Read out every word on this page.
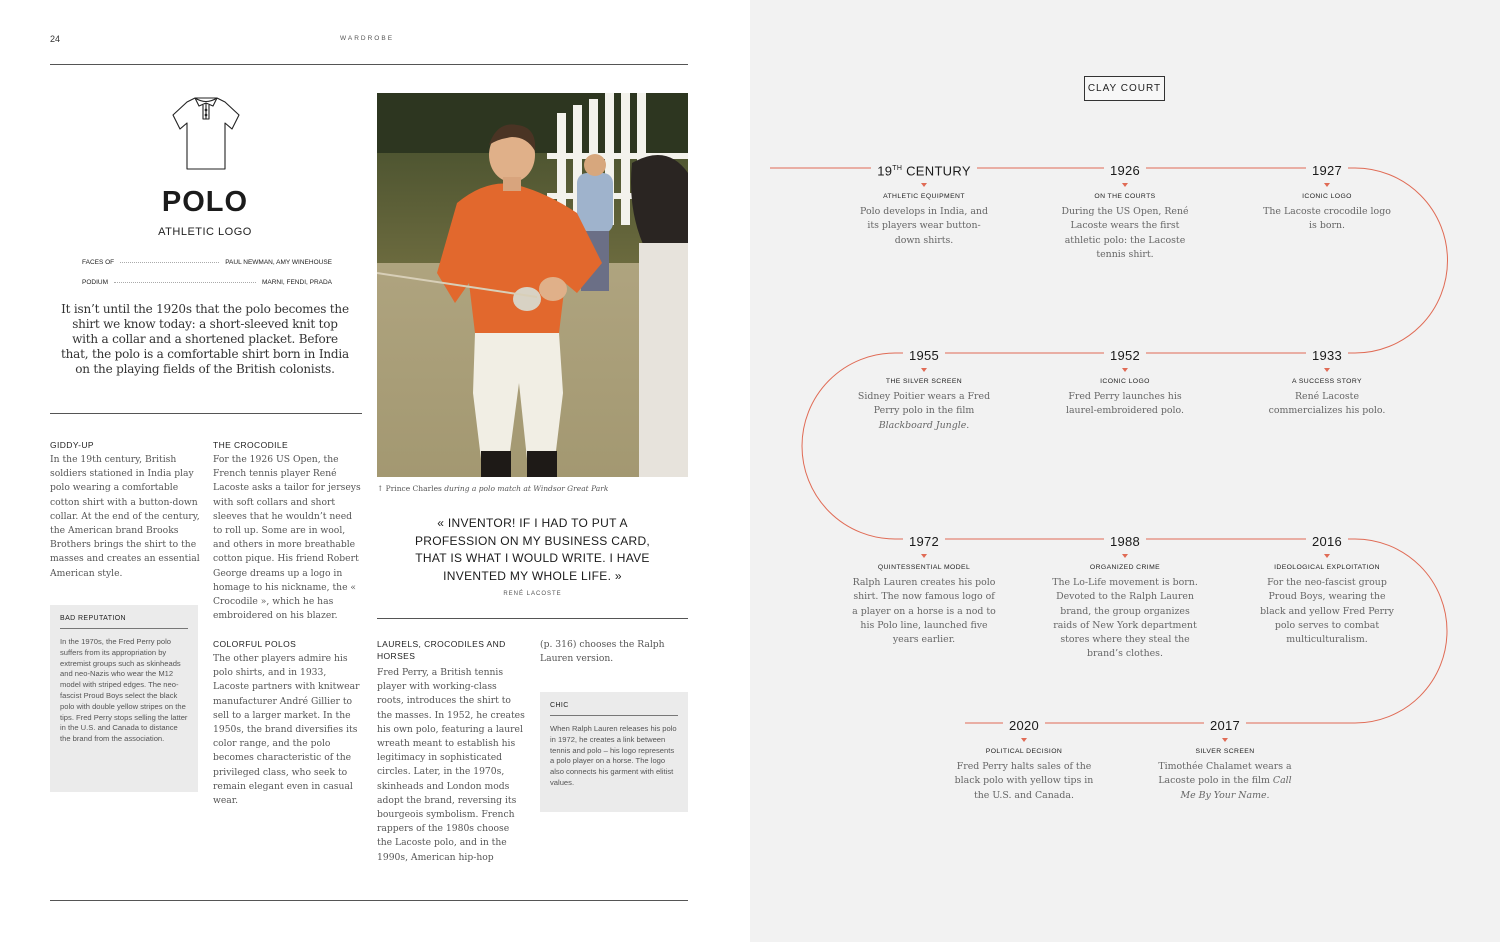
24	WARDROBE
POLO
ATHLETIC LOGO
FACES OF	PAUL NEWMAN, AMY WINEHOUSE
PODIUM	MARNI, FENDI, PRADA
It isn’t until the 1920s that the polo becomes the shirt we know today: a short-sleeved knit top with a collar and a shortened placket. Before that, the polo is a comfortable shirt born in India on the playing fields of the British colonists.
GIDDY-UP
In the 19th century, British soldiers stationed in India play polo wearing a comfortable cotton shirt with a button-down collar. At the end of the century, the American brand Brooks Brothers brings the shirt to the masses and creates an essential American style.
BAD REPUTATION
In the 1970s, the Fred Perry polo suffers from its appropriation by extremist groups such as skinheads and neo-Nazis who wear the M12 model with striped edges. The neo-fascist Proud Boys select the black polo with double yellow stripes on the tips. Fred Perry stops selling the latter in the U.S. and Canada to distance the brand from the association.
THE CROCODILE
For the 1926 US Open, the French tennis player René Lacoste asks a tailor for jerseys with soft collars and short sleeves that he wouldn’t need to roll up. Some are in wool, and others in more breathable cotton pique. His friend Robert George dreams up a logo in homage to his nickname, the « Crocodile », which he has embroidered on his blazer.
COLORFUL POLOS
The other players admire his polo shirts, and in 1933, Lacoste partners with knitwear manufacturer André Gillier to sell to a larger market. In the 1950s, the brand diversifies its color range, and the polo becomes characteristic of the privileged class, who seek to remain elegant even in casual wear.
↑ Prince Charles during a polo match at Windsor Great Park
« INVENTOR! IF I HAD TO PUT A PROFESSION ON MY BUSINESS CARD, THAT IS WHAT I WOULD WRITE. I HAVE INVENTED MY WHOLE LIFE. »
RENÉ LACOSTE
LAURELS, CROCODILES AND HORSES
Fred Perry, a British tennis player with working-class roots, introduces the shirt to the masses. In 1952, he creates his own polo, featuring a laurel wreath meant to establish his legitimacy in sophisticated circles. Later, in the 1970s, skinheads and London mods adopt the brand, reversing its bourgeois symbolism. French rappers of the 1980s choose the Lacoste polo, and in the 1990s, American hip-hop
(p. 316) chooses the Ralph Lauren version.
CHIC
When Ralph Lauren releases his polo in 1972, he creates a link between tennis and polo – his logo represents a polo player on a horse. The logo also connects his garment with elitist values.
CLAY COURT
19TH CENTURY
ATHLETIC EQUIPMENT
Polo develops in India, and its players wear button-down shirts.
1926
ON THE COURTS
During the US Open, René Lacoste wears the first athletic polo: the Lacoste tennis shirt.
1927
ICONIC LOGO
The Lacoste crocodile logo is born.
1955
THE SILVER SCREEN
Sidney Poitier wears a Fred Perry polo in the film Blackboard Jungle.
1952
ICONIC LOGO
Fred Perry launches his laurel-embroidered polo.
1933
A SUCCESS STORY
René Lacoste commercializes his polo.
1972
QUINTESSENTIAL MODEL
Ralph Lauren creates his polo shirt. The now famous logo of a player on a horse is a nod to his Polo line, launched five years earlier.
1988
ORGANIZED CRIME
The Lo-Life movement is born. Devoted to the Ralph Lauren brand, the group organizes raids of New York department stores where they steal the brand’s clothes.
2016
IDEOLOGICAL EXPLOITATION
For the neo-fascist group Proud Boys, wearing the black and yellow Fred Perry polo serves to combat multiculturalism.
2020
POLITICAL DECISION
Fred Perry halts sales of the black polo with yellow tips in the U.S. and Canada.
2017
SILVER SCREEN
Timothée Chalamet wears a Lacoste polo in the film Call Me By Your Name.
